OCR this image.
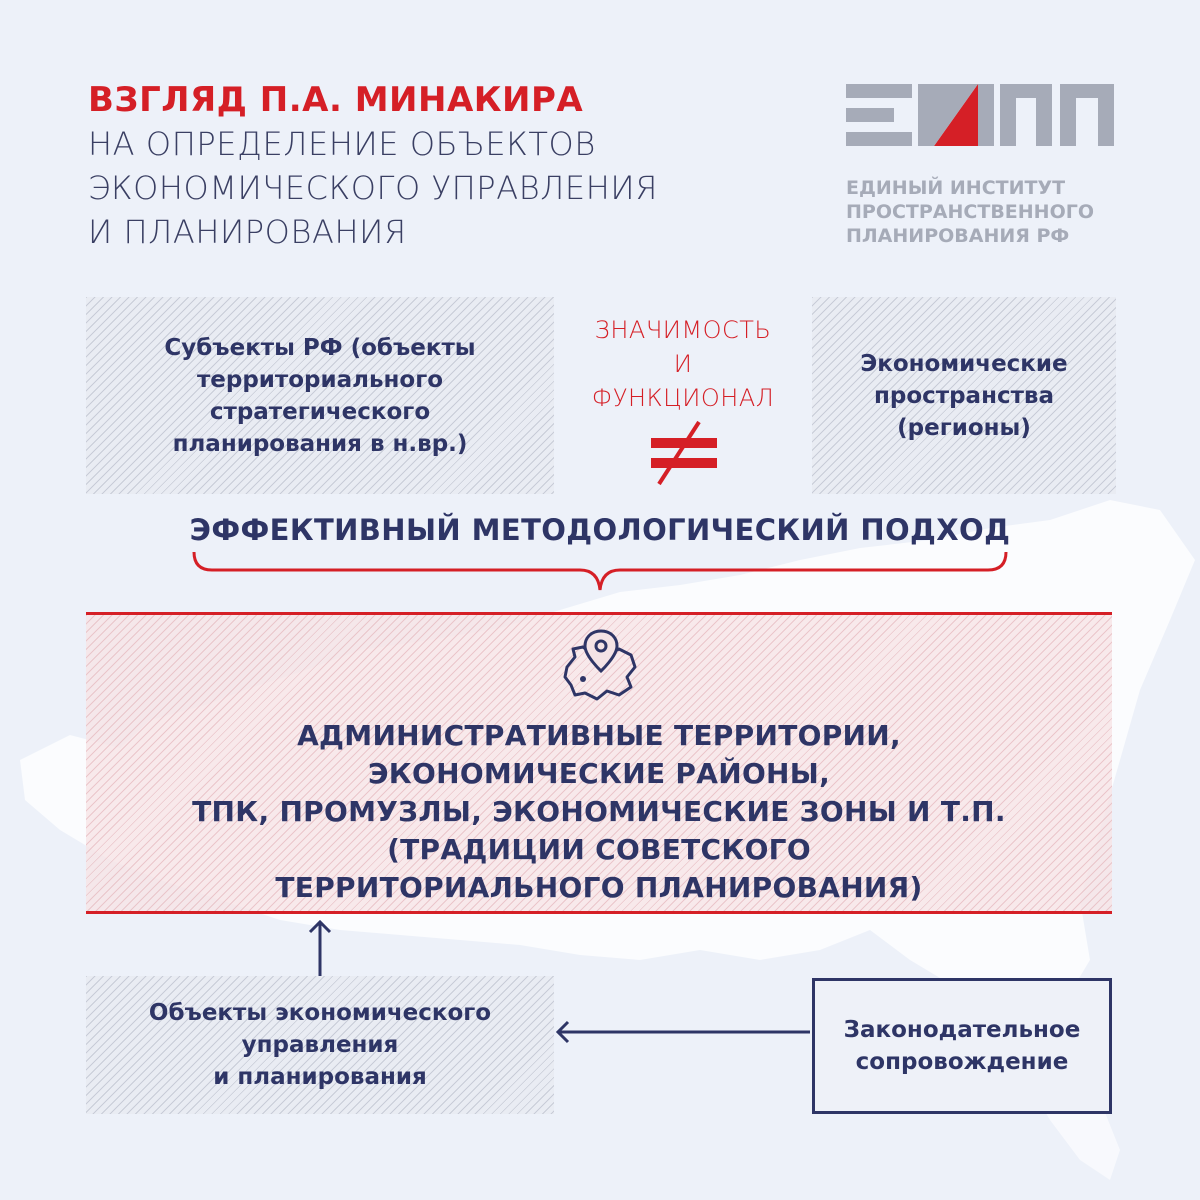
ВЗГЛЯД П.А. МИНАКИРА
НА ОПРЕДЕЛЕНИЕ ОБЪЕКТОВ
ЭКОНОМИЧЕСКОГО УПРАВЛЕНИЯ
И ПЛАНИРОВАНИЯ
ЕДИНЫЙ ИНСТИТУТ
ПРОСТРАНСТВЕННОГО
ПЛАНИРОВАНИЯ РФ
Субъекты РФ (объекты
территориального
стратегического
планирования в н.вр.)
ЗНАЧИМОСТЬ
И
ФУНКЦИОНАЛ
Экономические
пространства
(регионы)
ЭФФЕКТИВНЫЙ МЕТОДОЛОГИЧЕСКИЙ ПОДХОД
АДМИНИСТРАТИВНЫЕ ТЕРРИТОРИИ,
ЭКОНОМИЧЕСКИЕ РАЙОНЫ,
ТПК, ПРОМУЗЛЫ, ЭКОНОМИЧЕСКИЕ ЗОНЫ И Т.П.
(ТРАДИЦИИ СОВЕТСКОГО
ТЕРРИТОРИАЛЬНОГО ПЛАНИРОВАНИЯ)
Объекты экономического
управления
и планирования
Законодательное
сопровождение
